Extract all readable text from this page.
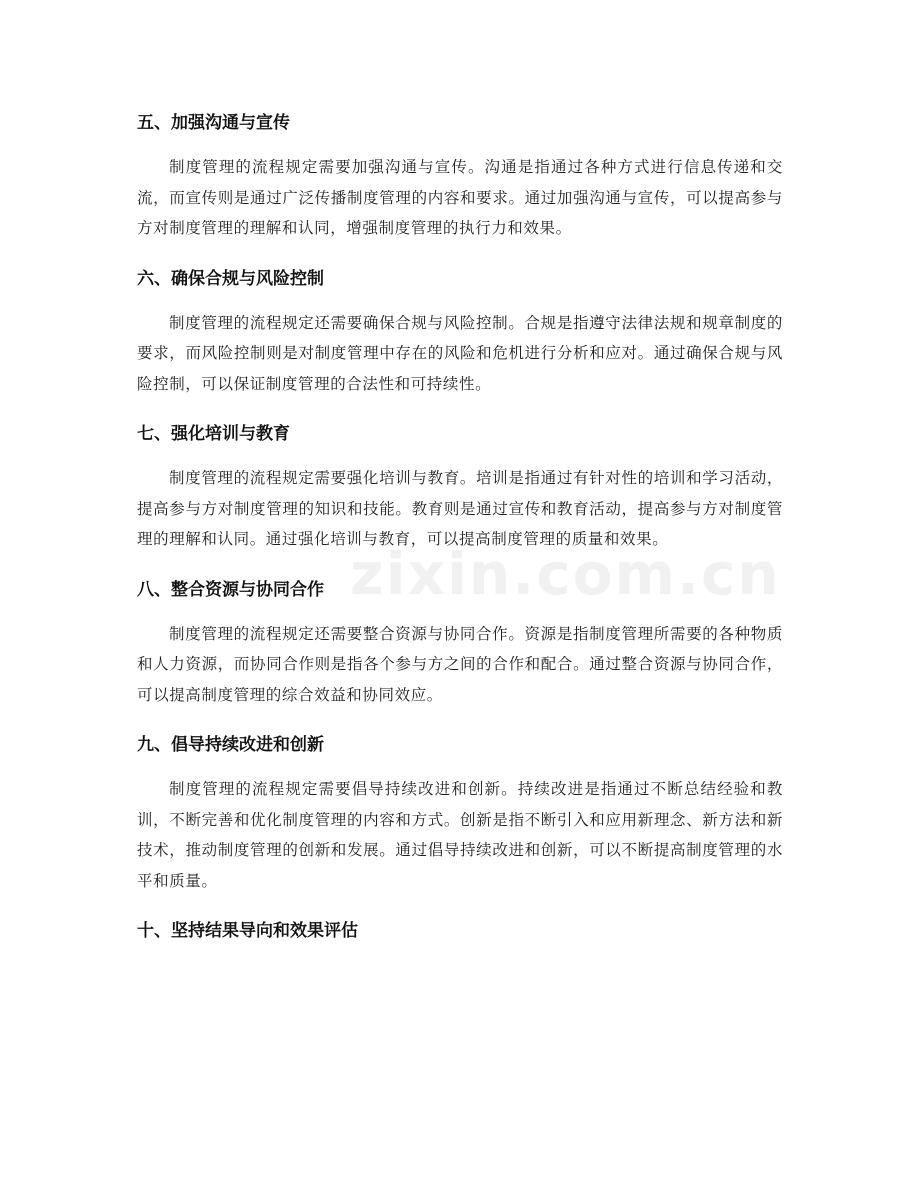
zixin.com.cn
五、加强沟通与宣传

制度管理的流程规定需要加强沟通与宣传。沟通是指通过各种方式进行信息传递和交流，而宣传则是通过广泛传播制度管理的内容和要求。通过加强沟通与宣传，可以提高参与方对制度管理的理解和认同，增强制度管理的执行力和效果。

六、确保合规与风险控制

制度管理的流程规定还需要确保合规与风险控制。合规是指遵守法律法规和规章制度的要求，而风险控制则是对制度管理中存在的风险和危机进行分析和应对。通过确保合规与风险控制，可以保证制度管理的合法性和可持续性。

七、强化培训与教育

制度管理的流程规定需要强化培训与教育。培训是指通过有针对性的培训和学习活动，提高参与方对制度管理的知识和技能。教育则是通过宣传和教育活动，提高参与方对制度管理的理解和认同。通过强化培训与教育，可以提高制度管理的质量和效果。

八、整合资源与协同合作

制度管理的流程规定还需要整合资源与协同合作。资源是指制度管理所需要的各种物质和人力资源，而协同合作则是指各个参与方之间的合作和配合。通过整合资源与协同合作，可以提高制度管理的综合效益和协同效应。

九、倡导持续改进和创新

制度管理的流程规定需要倡导持续改进和创新。持续改进是指通过不断总结经验和教训，不断完善和优化制度管理的内容和方式。创新是指不断引入和应用新理念、新方法和新技术，推动制度管理的创新和发展。通过倡导持续改进和创新，可以不断提高制度管理的水平和质量。

十、坚持结果导向和效果评估
